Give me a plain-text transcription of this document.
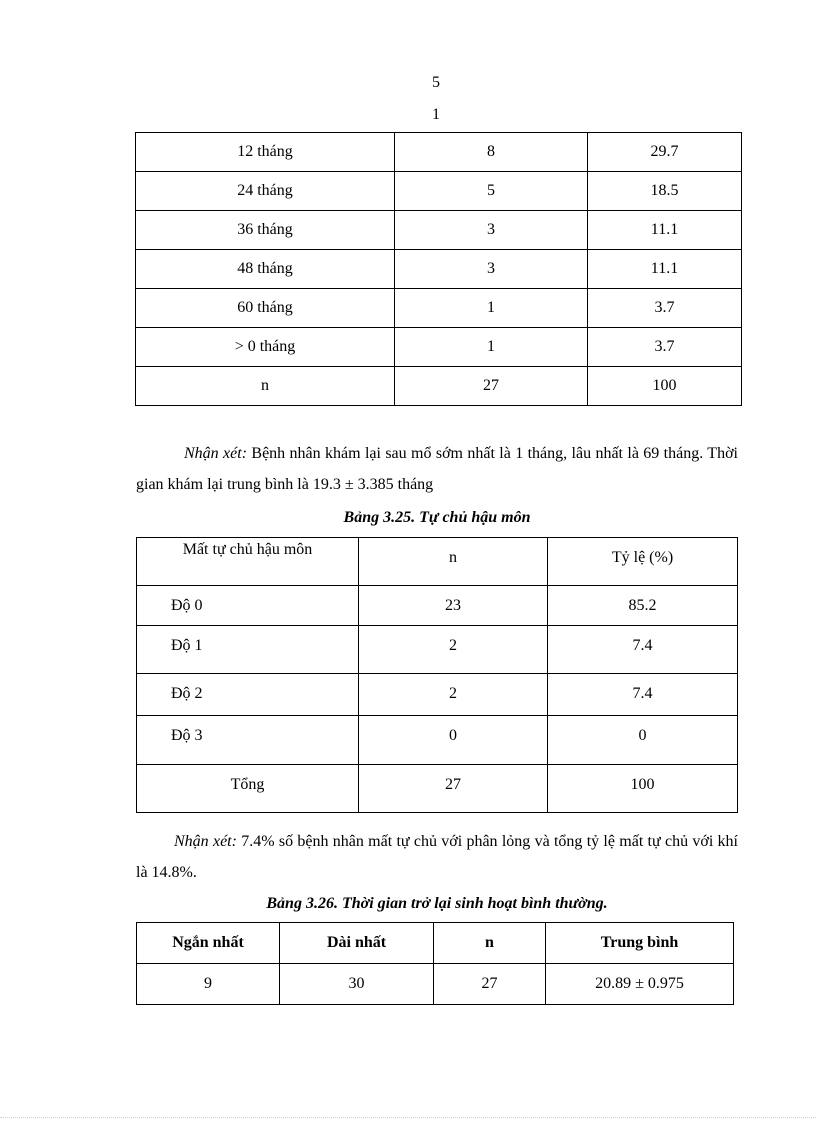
5
1
12 tháng	8	29.7
24 tháng	5	18.5
36 tháng	3	11.1
48 tháng	3	11.1
60 tháng	1	3.7
> 0 tháng	1	3.7
n	27	100
Nhận xét: Bệnh nhân khám lại sau mổ sớm nhất là 1 tháng, lâu nhất là 69 tháng. Thời gian khám lại trung bình là 19.3 ± 3.385 tháng
Bảng 3.25. Tự chủ hậu môn
Mất tự chủ hậu môn	n	Tỷ lệ (%)
Độ 0	23	85.2
Độ 1	2	7.4
Độ 2	2	7.4
Độ 3	0	0
Tổng	27	100
Nhận xét: 7.4% số bệnh nhân mất tự chủ với phân lỏng và tổng tỷ lệ mất tự chủ với khí là 14.8%.
Bảng 3.26. Thời gian trở lại sinh hoạt bình thường.
Ngắn nhất	Dài nhất	n	Trung bình
9	30	27	20.89 ± 0.975
